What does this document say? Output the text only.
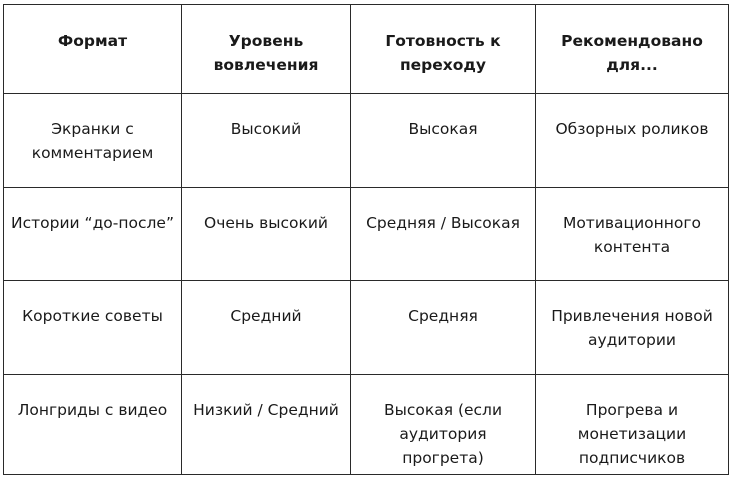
Формат	Уровень вовлечения	Готовность к переходу	Рекомендовано для...

Экранки с комментарием	Высокий	Высокая	Обзорных роликов

Истории “до-после”	Очень высокий	Средняя / Высокая	Мотивационного контента

Короткие советы	Средний	Средняя	Привлечения новой аудитории

Лонгриды с видео	Низкий / Средний	Высокая (если аудитория прогрета)	Прогрева и монетизации подписчиков
